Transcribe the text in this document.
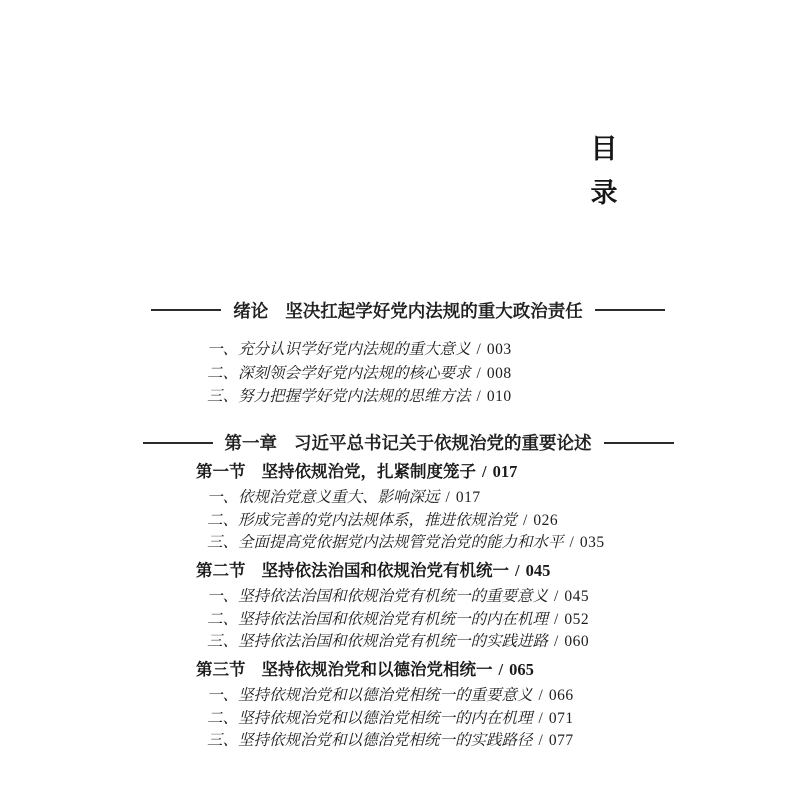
目
录
绪论 坚决扛起学好党内法规的重大政治责任
一、充分认识学好党内法规的重大意义 / 003
二、深刻领会学好党内法规的核心要求 / 008
三、努力把握学好党内法规的思维方法 / 010
第一章 习近平总书记关于依规治党的重要论述
第一节 坚持依规治党，扎紧制度笼子 / 017
一、依规治党意义重大、影响深远 / 017
二、形成完善的党内法规体系，推进依规治党 / 026
三、全面提高党依据党内法规管党治党的能力和水平 / 035
第二节 坚持依法治国和依规治党有机统一 / 045
一、坚持依法治国和依规治党有机统一的重要意义 / 045
二、坚持依法治国和依规治党有机统一的内在机理 / 052
三、坚持依法治国和依规治党有机统一的实践进路 / 060
第三节 坚持依规治党和以德治党相统一 / 065
一、坚持依规治党和以德治党相统一的重要意义 / 066
二、坚持依规治党和以德治党相统一的内在机理 / 071
三、坚持依规治党和以德治党相统一的实践路径 / 077
